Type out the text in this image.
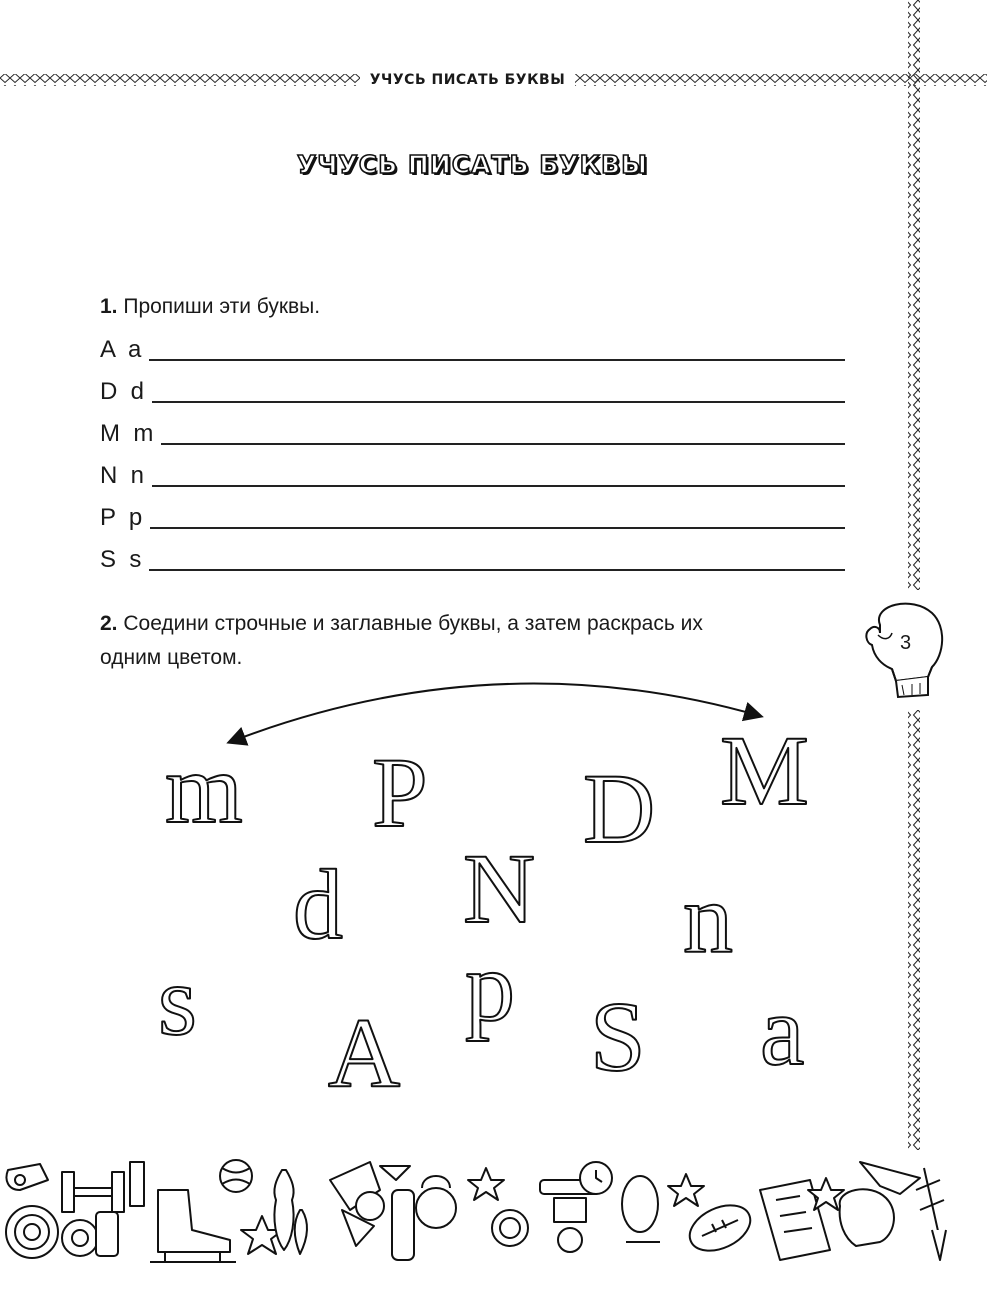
УЧУСЬ ПИСАТЬ БУКВЫ
УЧУСЬ ПИСАТЬ БУКВЫ
1. Пропиши эти буквы.
A  a
D  d
M  m
N  n
P  p
S  s
2. Соедини строчные и заглавные буквы, а затем раскрась их
одним цветом.
3
m P D M
d N n
s A
p S a
